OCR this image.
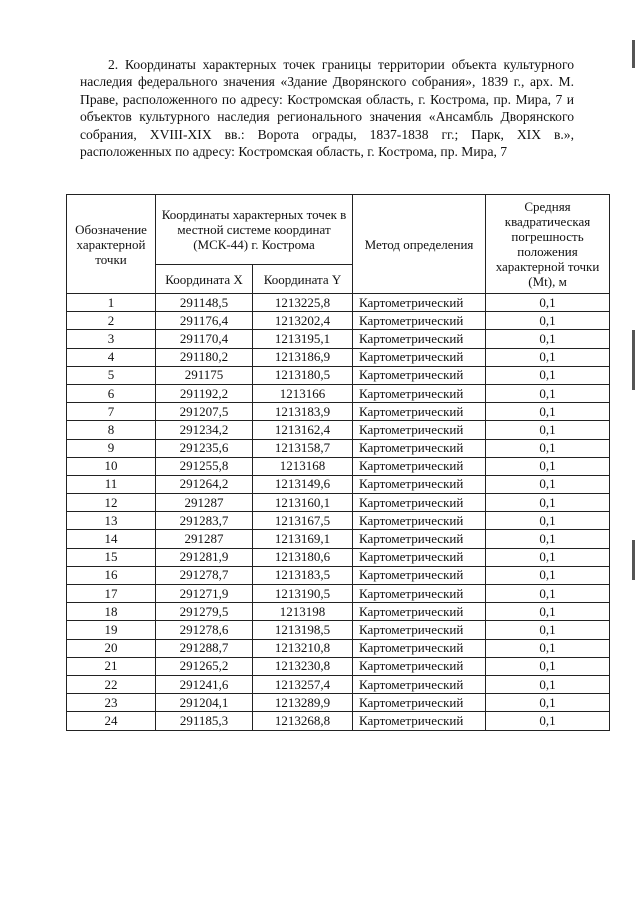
2. Координаты характерных точек границы территории объекта культурного наследия федерального значения «Здание Дворянского собрания», 1839 г., арх. М. Праве, расположенного по адресу: Костромская область, г. Кострома, пр. Мира, 7 и объектов культурного наследия регионального значения «Ансамбль Дворянского собрания, XVIII-XIX вв.: Ворота ограды, 1837-1838 гг.; Парк, XIX в.», расположенных по адресу: Костромская область, г. Кострома, пр. Мира, 7

Обозначение характерной точки	Координаты характерных точек в местной системе координат (МСК-44) г. Кострома		Метод определения	Средняя квадратическая погрешность положения характерной точки (Mt), м
	Координата X	Координата Y		
1	291148,5	1213225,8	Картометрический	0,1
2	291176,4	1213202,4	Картометрический	0,1
3	291170,4	1213195,1	Картометрический	0,1
4	291180,2	1213186,9	Картометрический	0,1
5	291175	1213180,5	Картометрический	0,1
6	291192,2	1213166	Картометрический	0,1
7	291207,5	1213183,9	Картометрический	0,1
8	291234,2	1213162,4	Картометрический	0,1
9	291235,6	1213158,7	Картометрический	0,1
10	291255,8	1213168	Картометрический	0,1
11	291264,2	1213149,6	Картометрический	0,1
12	291287	1213160,1	Картометрический	0,1
13	291283,7	1213167,5	Картометрический	0,1
14	291287	1213169,1	Картометрический	0,1
15	291281,9	1213180,6	Картометрический	0,1
16	291278,7	1213183,5	Картометрический	0,1
17	291271,9	1213190,5	Картометрический	0,1
18	291279,5	1213198	Картометрический	0,1
19	291278,6	1213198,5	Картометрический	0,1
20	291288,7	1213210,8	Картометрический	0,1
21	291265,2	1213230,8	Картометрический	0,1
22	291241,6	1213257,4	Картометрический	0,1
23	291204,1	1213289,9	Картометрический	0,1
24	291185,3	1213268,8	Картометрический	0,1
